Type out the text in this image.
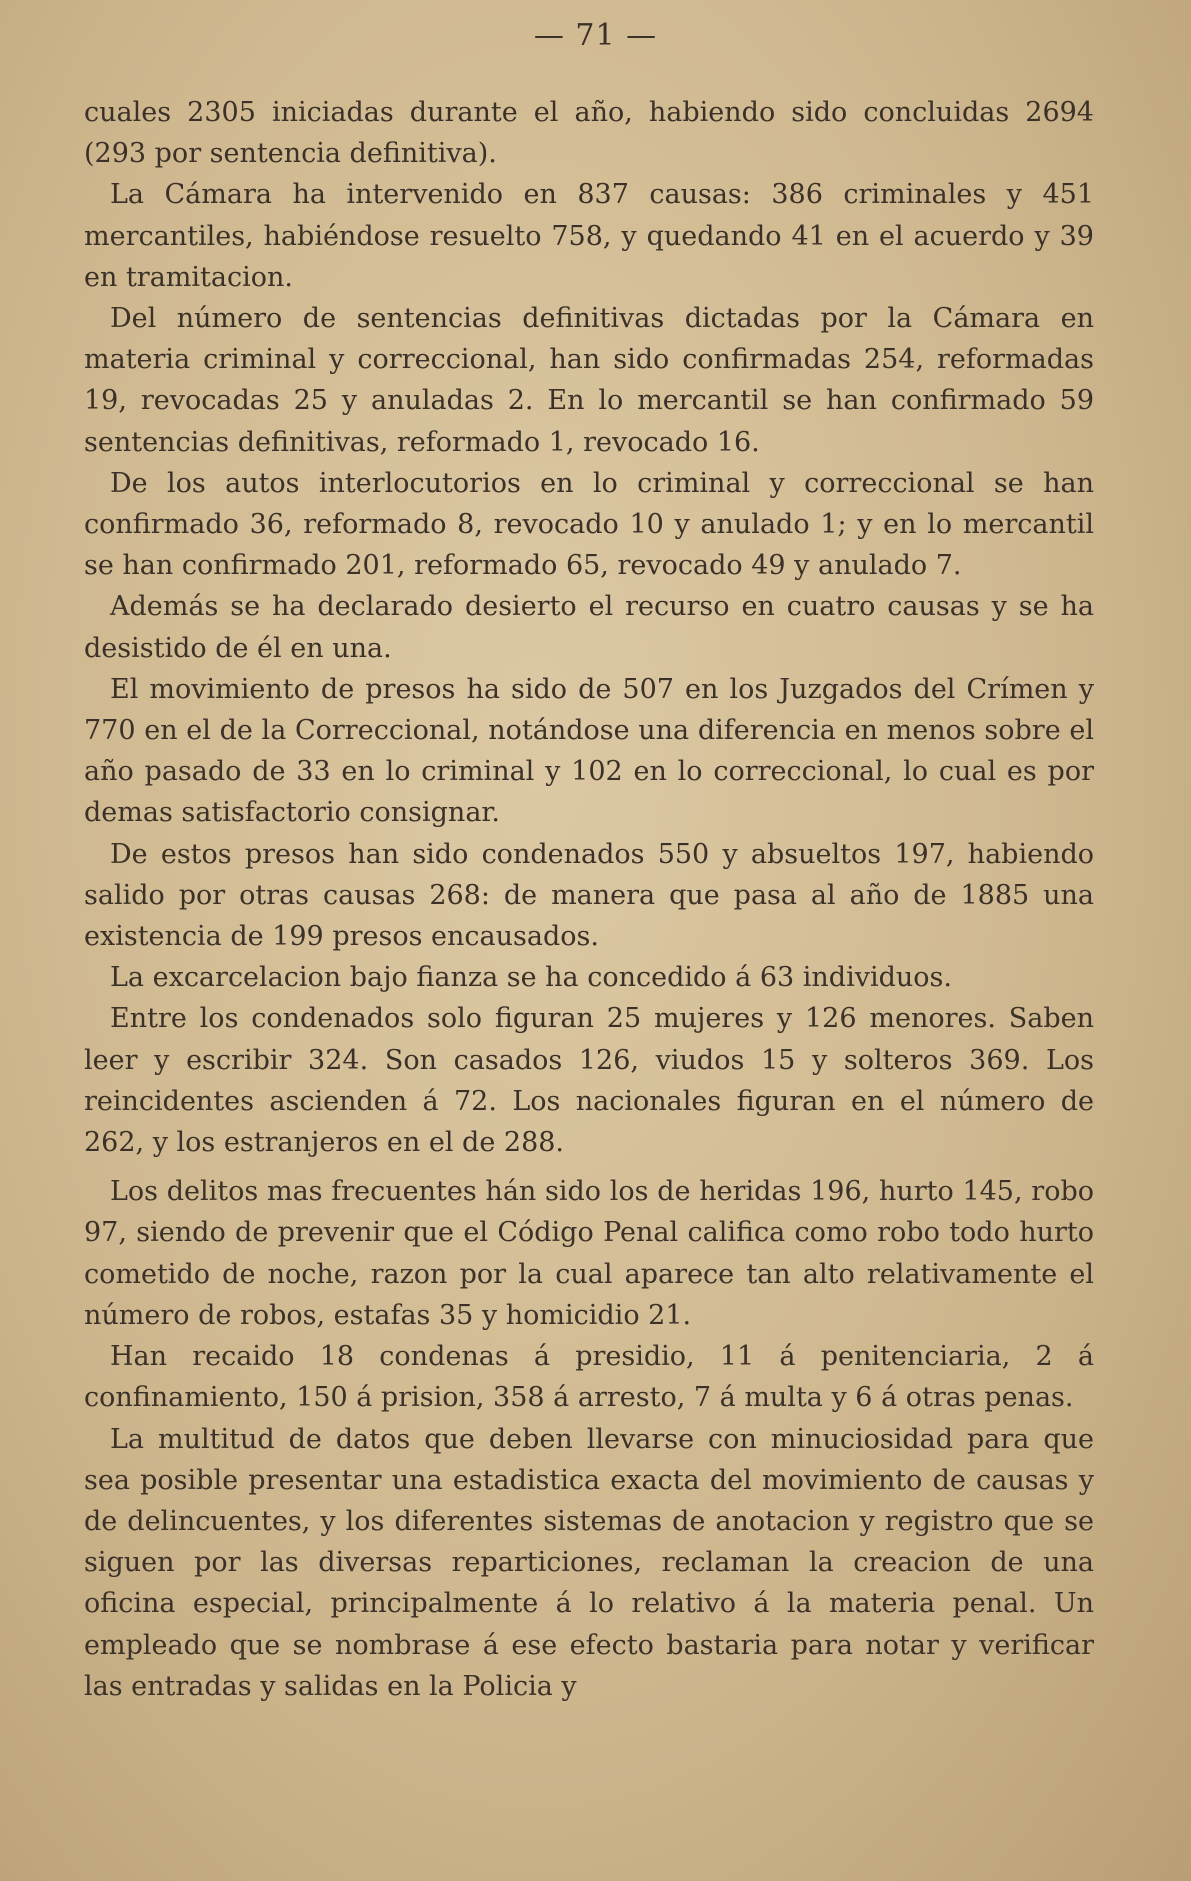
— 71 —

cuales 2305 iniciadas durante el año, habiendo sido concluidas 2694 (293 por sentencia definitiva).

La Cámara ha intervenido en 837 causas: 386 criminales y 451 mercantiles, habiéndose resuelto 758, y quedando 41 en el acuerdo y 39 en tramitacion.

Del número de sentencias definitivas dictadas por la Cámara en materia criminal y correccional, han sido confirmadas 254, reformadas 19, revocadas 25 y anuladas 2. En lo mercantil se han confirmado 59 sentencias definitivas, reformado 1, revocado 16.

De los autos interlocutorios en lo criminal y correccional se han confirmado 36, reformado 8, revocado 10 y anulado 1; y en lo mercantil se han confirmado 201, reformado 65, revocado 49 y anulado 7.

Además se ha declarado desierto el recurso en cuatro causas y se ha desistido de él en una.

El movimiento de presos ha sido de 507 en los Juzgados del Crímen y 770 en el de la Correccional, notándose una diferencia en menos sobre el año pasado de 33 en lo criminal y 102 en lo correccional, lo cual es por demas satisfactorio consignar.

De estos presos han sido condenados 550 y absueltos 197, habiendo salido por otras causas 268: de manera que pasa al año de 1885 una existencia de 199 presos encausados.

La excarcelacion bajo fianza se ha concedido á 63 individuos.

Entre los condenados solo figuran 25 mujeres y 126 menores. Saben leer y escribir 324. Son casados 126, viudos 15 y solteros 369. Los reincidentes ascienden á 72. Los nacionales figuran en el número de 262, y los estranjeros en el de 288.

Los delitos mas frecuentes hán sido los de heridas 196, hurto 145, robo 97, siendo de prevenir que el Código Penal califica como robo todo hurto cometido de noche, razon por la cual aparece tan alto relativamente el número de robos, estafas 35 y homicidio 21.

Han recaido 18 condenas á presidio, 11 á penitenciaria, 2 á confinamiento, 150 á prision, 358 á arresto, 7 á multa y 6 á otras penas.

La multitud de datos que deben llevarse con minuciosidad para que sea posible presentar una estadistica exacta del movimiento de causas y de delincuentes, y los diferentes sistemas de anotacion y registro que se siguen por las diversas reparticiones, reclaman la creacion de una oficina especial, principalmente á lo relativo á la materia penal. Un empleado que se nombrase á ese efecto bastaria para notar y verificar las entradas y salidas en la Policia y
